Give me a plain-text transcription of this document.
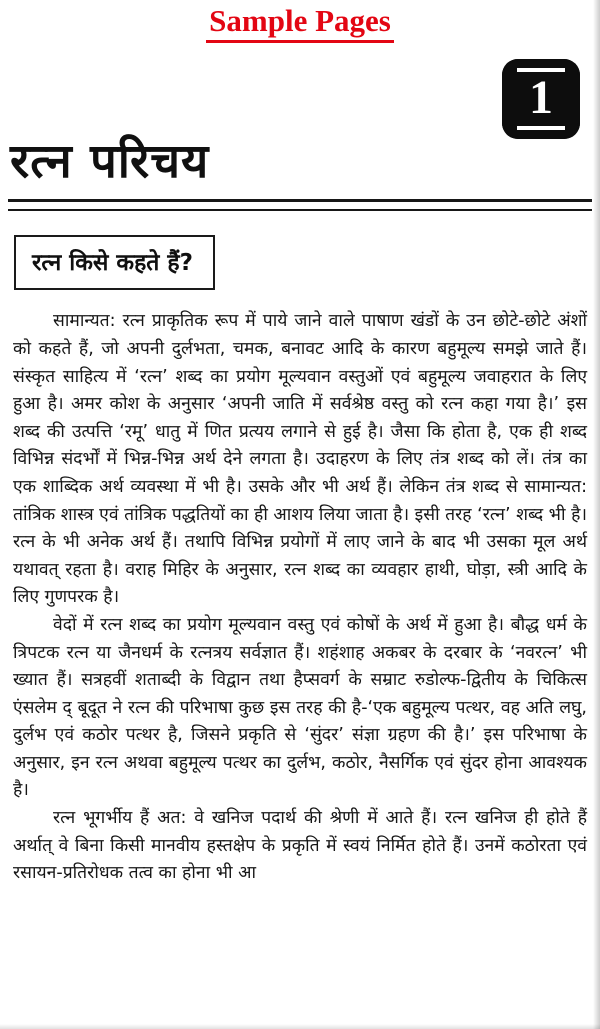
Sample Pages
1
रत्न परिचय
रत्न किसे कहते हैं?

सामान्यत: रत्न प्राकृतिक रूप में पाये जाने वाले पाषाण खंडों के उन छोटे-छोटे अंशों को कहते हैं, जो अपनी दुर्लभता, चमक, बनावट आदि के कारण बहुमूल्य समझे जाते हैं। संस्कृत साहित्य में ‘रत्न’ शब्द का प्रयोग मूल्यवान वस्तुओं एवं बहुमूल्य जवाहरात के लिए हुआ है। अमर कोश के अनुसार ‘अपनी जाति में सर्वश्रेष्ठ वस्तु को रत्न कहा गया है।’ इस शब्द की उत्पत्ति ‘रमू’ धातु में णित प्रत्यय लगाने से हुई है। जैसा कि होता है, एक ही शब्द विभिन्न संदर्भों में भिन्न-भिन्न अर्थ देने लगता है। उदाहरण के लिए तंत्र शब्द को लें। तंत्र का एक शाब्दिक अर्थ व्यवस्था में भी है। उसके और भी अर्थ हैं। लेकिन तंत्र शब्द से सामान्यत: तांत्रिक शास्त्र एवं तांत्रिक पद्धतियों का ही आशय लिया जाता है। इसी तरह ‘रत्न’ शब्द भी है। रत्न के भी अनेक अर्थ हैं। तथापि विभिन्न प्रयोगों में लाए जाने के बाद भी उसका मूल अर्थ यथावत् रहता है। वराह मिहिर के अनुसार, रत्न शब्द का व्यवहार हाथी, घोड़ा, स्त्री आदि के लिए गुणपरक है।

वेदों में रत्न शब्द का प्रयोग मूल्यवान वस्तु एवं कोषों के अर्थ में हुआ है। बौद्ध धर्म के त्रिपटक रत्न या जैनधर्म के रत्नत्रय सर्वज्ञात हैं। शहंशाह अकबर के दरबार के ‘नवरत्न’ भी ख्यात हैं। सत्रहवीं शताब्दी के विद्वान तथा हैप्सवर्ग के सम्राट रुडोल्फ-द्वितीय के चिकित्स एंसलेम द् बूदूत ने रत्न की परिभाषा कुछ इस तरह की है-‘एक बहुमूल्य पत्थर, वह अति लघु, दुर्लभ एवं कठोर पत्थर है, जिसने प्रकृति से ‘सुंदर’ संज्ञा ग्रहण की है।’ इस परिभाषा के अनुसार, इन रत्न अथवा बहुमूल्य पत्थर का दुर्लभ, कठोर, नैसर्गिक एवं सुंदर होना आवश्यक है।

रत्न भूगर्भीय हैं अत: वे खनिज पदार्थ की श्रेणी में आते हैं। रत्न खनिज ही होते हैं अर्थात् वे बिना किसी मानवीय हस्तक्षेप के प्रकृति में स्वयं निर्मित होते हैं। उनमें कठोरता एवं रसायन-प्रतिरोधक तत्व का होना भी आ
